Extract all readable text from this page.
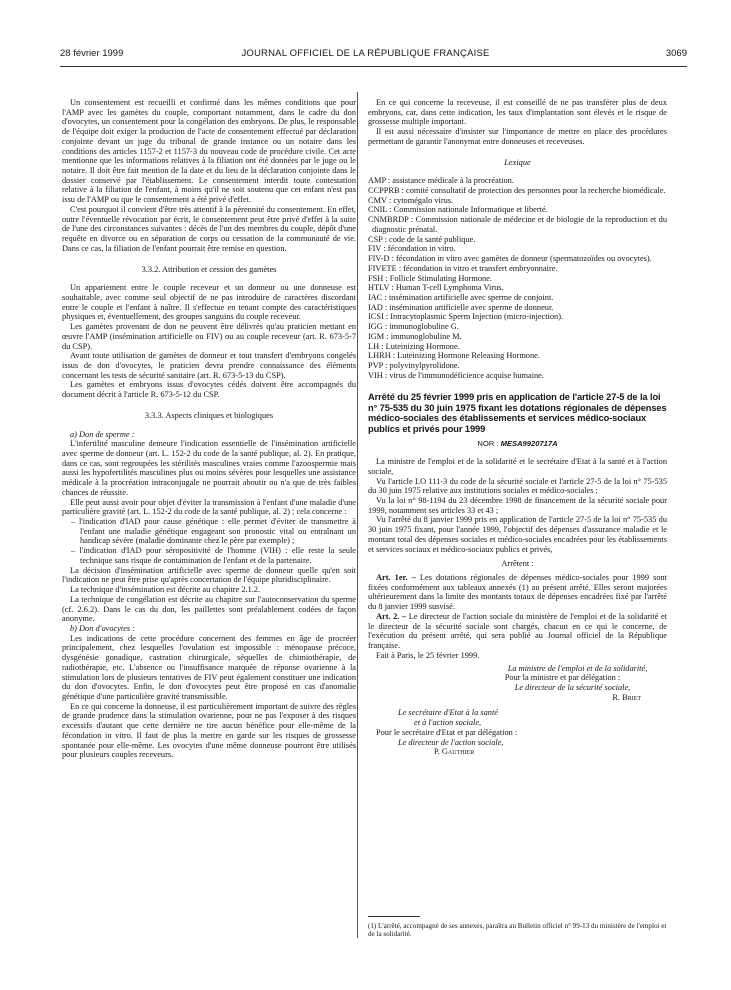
28 février 1999	JOURNAL OFFICIEL DE LA RÉPUBLIQUE FRANÇAISE	3069

Un consentement est recueilli et confirmé dans les mêmes conditions que pour l'AMP avec les gamètes du couple, comportant notamment, dans le cadre du don d'ovocytes, un consentement pour la congélation des embryons. De plus, le responsable de l'équipe doit exiger la production de l'acte de consentement effectué par déclaration conjointe devant un juge du tribunal de grande instance ou un notaire dans les conditions des articles 1157-2 et 1157-3 du nouveau code de procédure civile. Cet acte mentionne que les informations relatives à la filiation ont été données par le juge ou le notaire. Il doit être fait mention de la date et du lieu de la déclaration conjointe dans le dossier conservé par l'établissement. Le consentement interdit toute contestation relative à la filiation de l'enfant, à moins qu'il ne soit soutenu que cet enfant n'est pas issu de l'AMP ou que le consentement a été privé d'effet.

C'est pourquoi il convient d'être très attentif à la pérennité du consentement. En effet, outre l'éventuelle révocation par écrit, le consentement peut être privé d'effet à la suite de l'une des circonstances suivantes : décès de l'un des membres du couple, dépôt d'une requête en divorce ou en séparation de corps ou cessation de la communauté de vie. Dans ce cas, la filiation de l'enfant pourrait être remise en question.

3.3.2. Attribution et cession des gamètes

Un appariement entre le couple receveur et un donneur ou une donneuse est souhaitable, avec comme seul objectif de ne pas introduire de caractères discordant entre le couple et l'enfant à naître. Il s'effectue en tenant compte des caractéristiques physiques et, éventuellement, des groupes sanguins du couple receveur.

Les gamètes provenant de don ne peuvent être délivrés qu'au praticien mettant en œuvre l'AMP (insémination artificielle ou FIV) ou au couple receveur (art. R. 673-5-7 du CSP).

Avant toute utilisation de gamètes de donneur et tout transfert d'embryons congelés issus de don d'ovocytes, le praticien devra prendre connaissance des éléments concernant les tests de sécurité sanitaire (art. R. 673-5-13 du CSP).

Les gamètes et embryons issus d'ovocytes cédés doivent être accompagnés du document décrit à l'article R. 673-5-12 du CSP.

3.3.3. Aspects cliniques et biologiques

a) Don de sperme :

L'infertilité masculine demeure l'indication essentielle de l'insémination artificielle avec sperme de donneur (art. L. 152-2 du code de la santé publique, al. 2). En pratique, dans ce cas, sont regroupées les stérilités masculines vraies comme l'azoospermie mais aussi les hypofertilités masculines plus ou moins sévères pour lesquelles une assistance médicale à la procréation intraconjugale ne pourrait aboutir ou n'a que de très faibles chances de réussite.

Elle peut aussi avoir pour objet d'éviter la transmission à l'enfant d'une maladie d'une particulière gravité (art. L. 152-2 du code de la santé publique, al. 2) ; cela concerne :

– l'indication d'IAD pour cause génétique : elle permet d'éviter de transmettre à l'enfant une maladie génétique engageant son pronostic vital ou entraînant un handicap sévère (maladie dominante chez le père par exemple) ;

– l'indication d'IAD pour séropositivité de l'homme (VIH) : elle reste la seule technique sans risque de contamination de l'enfant et de la partenaire.

La décision d'insémination artificielle avec sperme de donneur quelle qu'en soit l'indication ne peut être prise qu'après concertation de l'équipe pluridisciplinaire.

La technique d'insémination est décrite au chapitre 2.1.2.

La technique de congélation est décrite au chapitre sur l'autoconservation du sperme (cf. 2.6.2). Dans le cas du don, les paillettes sont préalablement codées de façon anonyme.

b) Don d'ovocytes :

Les indications de cette procédure concernent des femmes en âge de procréer principalement, chez lesquelles l'ovulation est impossible : ménopause précoce, dysgénésie gonadique, castration chirurgicale, séquelles de chimiothérapie, de radiothérapie, etc. L'absence ou l'insuffisance marquée de réponse ovarienne à la stimulation lors de plusieurs tentatives de FIV peut également constituer une indication du don d'ovocytes. Enfin, le don d'ovocytes peut être proposé en cas d'anomalie génétique d'une particulière gravité transmissible.

En ce qui concerne la donneuse, il est particulièrement important de suivre des règles de grande prudence dans la stimulation ovarienne, pour ne pas l'exposer à des risques excessifs d'autant que cette dernière ne tire aucun bénéfice pour elle-même de la fécondation in vitro. Il faut de plus la mettre en garde sur les risques de grossesse spontanée pour elle-même. Les ovocytes d'une même donneuse pourront être utilisés pour plusieurs couples receveurs.

En ce qui concerne la receveuse, il est conseillé de ne pas transférer plus de deux embryons, car, dans cette indication, les taux d'implantation sont élevés et le risque de grossesse multiple important.

Il est aussi nécessaire d'insister sur l'importance de mettre en place des procédures permettant de garantir l'anonymat entre donneuses et receveuses.

Lexique

AMP : assistance médicale à la procréation.

CCPPRB : comité consultatif de protection des personnes pour la recherche biomédicale.

CMV : cytomégalo virus.

CNIL : Commission nationale Informatique et liberté.

CNMBRDP : Commission nationale de médecine et de biologie de la reproduction et du diagnostic prénatal.

CSP : code de la santé publique.

FIV : fécondation in vitro.

FIV-D : fécondation in vitro avec gamètes de donneur (spermatozoïdes ou ovocytes).

FIVETE : fécondation in vitro et transfert embryonnaire.

FSH : Follicle Stimulating Hormone.

HTLV : Human T-cell Lymphoma Virus.

IAC : insémination artificielle avec sperme de conjoint.

IAD : insémination artificielle avec sperme de donneur.

ICSI : Intracytoplasmic Sperm Injection (micro-injection).

IGG : immunoglobuline G.

IGM : immunoglobuline M.

LH : Luteinizing Hormone.

LHRH : Luteinizing Hormone Releasing Hormone.

PVP : polyvinylpyrolidone.

VIH : virus de l'immunodéficience acquise humaine.

Arrêté du 25 février 1999 pris en application de l'article 27-5 de la loi n° 75-535 du 30 juin 1975 fixant les dotations régionales de dépenses médico-sociales des établissements et services médico-sociaux publics et privés pour 1999

NOR : MESA9920717A

La ministre de l'emploi et de la solidarité et le secrétaire d'Etat à la santé et à l'action sociale,

Vu l'article LO 111-3 du code de la sécurité sociale et l'article 27-5 de la loi n° 75-535 du 30 juin 1975 relative aux institutions sociales et médico-sociales ;

Vu la loi n° 98-1194 du 23 décembre 1998 de financement de la sécurité sociale pour 1999, notamment ses articles 33 et 43 ;

Vu l'arrêté du 8 janvier 1999 pris en application de l'article 27-5 de la loi n° 75-535 du 30 juin 1975 fixant, pour l'année 1999, l'objectif des dépenses d'assurance maladie et le montant total des dépenses sociales et médico-sociales encadrées pour les établissements et services sociaux et médico-sociaux publics et privés,

Arrêtent :

Art. 1er. – Les dotations régionales de dépenses médico-sociales pour 1999 sont fixées conformément aux tableaux annexés (1) au présent arrêté. Elles seront majorées ultérieurement dans la limite des montants totaux de dépenses encadrées fixé par l'arrêté du 8 janvier 1999 susvisé.

Art. 2. – Le directeur de l'action sociale du ministère de l'emploi et de la solidarité et le directeur de la sécurité sociale sont chargés, chacun en ce qui le concerne, de l'exécution du présent arrêté, qui sera publié au Journal officiel de la République française.

Fait à Paris, le 25 février 1999.

La ministre de l'emploi et de la solidarité,

Pour la ministre et par délégation :

Le directeur de la sécurité sociale,

R. Briet

Le secrétaire d'Etat à la santé

et à l'action sociale,

Pour le secrétaire d'Etat et par délégation :

Le directeur de l'action sociale,

P. Gauthier

(1) L'arrêté, accompagné de ses annexes, paraîtra au Bulletin officiel n° 99-13 du ministère de l'emploi et de la solidarité.
